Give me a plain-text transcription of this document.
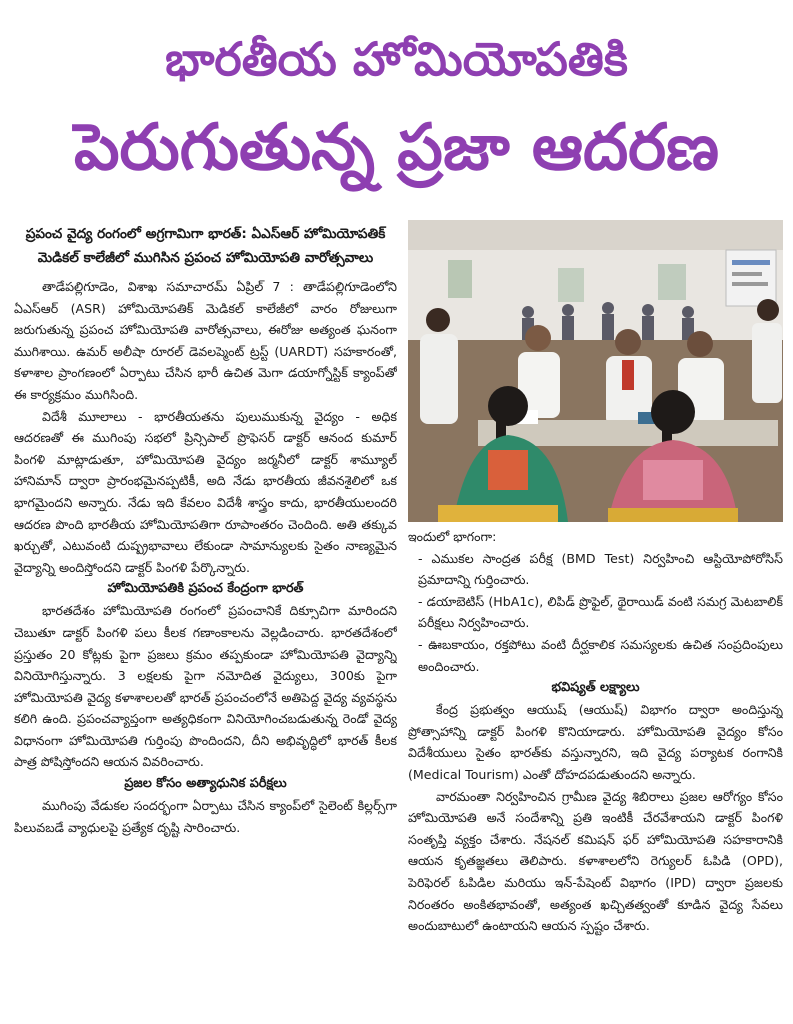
భారతీయ హోమియోపతికి
పెరుగుతున్న ప్రజా ఆదరణ
ప్రపంచ వైద్య రంగంలో అగ్రగామిగా భారత్: ఏఎస్ఆర్ హోమియోపతిక్ మెడికల్ కాలేజీలో ముగిసిన ప్రపంచ హోమియోపతి వారోత్సవాలు

తాడేపల్లిగూడెం, విశాఖ సమాచారమ్ ఏప్రిల్ 7 : తాడేపల్లిగూడెంలోని ఏఎస్ఆర్ (ASR) హోమియోపతిక్ మెడికల్ కాలేజీలో వారం రోజులుగా జరుగుతున్న ప్రపంచ హోమియోపతి వారోత్సవాలు, ఈరోజు అత్యంత ఘనంగా ముగిశాయి. ఉమర్ అలీషా రూరల్ డెవలప్మెంట్ ట్రస్ట్ (UARDT) సహకారంతో, కళాశాల ప్రాంగణంలో ఏర్పాటు చేసిన భారీ ఉచిత మెగా డయాగ్నోస్టిక్ క్యాంప్‌తో ఈ కార్యక్రమం ముగిసింది.

విదేశీ మూలాలు - భారతీయతను పులుముకున్న వైద్యం - అధిక ఆదరణతో ఈ ముగింపు సభలో ప్రిన్సిపాల్ ప్రొఫెసర్ డాక్టర్ ఆనంద కుమార్ పింగళి మాట్లాడుతూ, హోమియోపతి వైద్యం జర్మనీలో డాక్టర్ శామ్యూల్ హానిమాన్ ద్వారా ప్రారంభమైనప్పటికీ, అది నేడు భారతీయ జీవనశైలిలో ఒక భాగమైందని అన్నారు. నేడు ఇది కేవలం విదేశీ శాస్త్రం కాదు, భారతీయులందరి ఆదరణ పొంది భారతీయ హోమియోపతిగా రూపాంతరం చెందింది. అతి తక్కువ ఖర్చుతో, ఎటువంటి దుష్ప్రభావాలు లేకుండా సామాన్యులకు సైతం నాణ్యమైన వైద్యాన్ని అందిస్తోందని డాక్టర్ పింగళి పేర్కొన్నారు.

హోమియోపతికి ప్రపంచ కేంద్రంగా భారత్

భారతదేశం హోమియోపతి రంగంలో ప్రపంచానికే దిక్సూచిగా మారిందని చెబుతూ డాక్టర్ పింగళి పలు కీలక గణాంకాలను వెల్లడించారు. భారతదేశంలో ప్రస్తుతం 20 కోట్లకు పైగా ప్రజలు క్రమం తప్పకుండా హోమియోపతి వైద్యాన్ని వినియోగిస్తున్నారు. 3 లక్షలకు పైగా నమోదిత వైద్యులు, 300కు పైగా హోమియోపతి వైద్య కళాశాలలతో భారత్ ప్రపంచంలోనే అతిపెద్ద వైద్య వ్యవస్థను కలిగి ఉంది. ప్రపంచవ్యాప్తంగా అత్యధికంగా వినియోగించబడుతున్న రెండో వైద్య విధానంగా హోమియోపతి గుర్తింపు పొందిందని, దీని అభివృద్ధిలో భారత్ కీలక పాత్ర పోషిస్తోందని ఆయన వివరించారు.

ప్రజల కోసం అత్యాధునిక పరీక్షలు

ముగింపు వేడుకల సందర్భంగా ఏర్పాటు చేసిన క్యాంప్‌లో సైలెంట్ కిల్లర్స్‌గా పిలువబడే వ్యాధులపై ప్రత్యేక దృష్టి సారించారు.

ఇందులో భాగంగా:

- ఎముకల సాంద్రత పరీక్ష (BMD Test) నిర్వహించి ఆస్టియోపోరోసిస్ ప్రమాదాన్ని గుర్తించారు.

- డయాబెటిస్ (HbA1c), లిపిడ్ ప్రొఫైల్, థైరాయిడ్ వంటి సమగ్ర మెటబాలిక్ పరీక్షలు నిర్వహించారు.

- ఊబకాయం, రక్తపోటు వంటి దీర్ఘకాలిక సమస్యలకు ఉచిత సంప్రదింపులు అందించారు.

భవిష్యత్ లక్ష్యాలు

కేంద్ర ప్రభుత్వం ఆయుష్ (ఆయుష్) విభాగం ద్వారా అందిస్తున్న ప్రోత్సాహాన్ని డాక్టర్ పింగళి కొనియాడారు. హోమియోపతి వైద్యం కోసం విదేశీయులు సైతం భారత్‌కు వస్తున్నారని, ఇది వైద్య పర్యాటక రంగానికి (Medical Tourism) ఎంతో దోహదపడుతుందని అన్నారు.

వారమంతా నిర్వహించిన గ్రామీణ వైద్య శిబిరాలు ప్రజల ఆరోగ్యం కోసం హోమియోపతి అనే సందేశాన్ని ప్రతి ఇంటికీ చేరవేశాయని డాక్టర్ పింగళి సంతృప్తి వ్యక్తం చేశారు. నేషనల్ కమిషన్ ఫర్ హోమియోపతి సహకారానికి ఆయన కృతజ్ఞతలు తెలిపారు. కళాశాలలోని రెగ్యులర్ ఓపిడి (OPD), పెరిఫెరల్ ఓపిడిల మరియు ఇన్-పేషెంట్ విభాగం (IPD) ద్వారా ప్రజలకు నిరంతరం అంకితభావంతో, అత్యంత ఖచ్చితత్వంతో కూడిన వైద్య సేవలు అందుబాటులో ఉంటాయని ఆయన స్పష్టం చేశారు.
